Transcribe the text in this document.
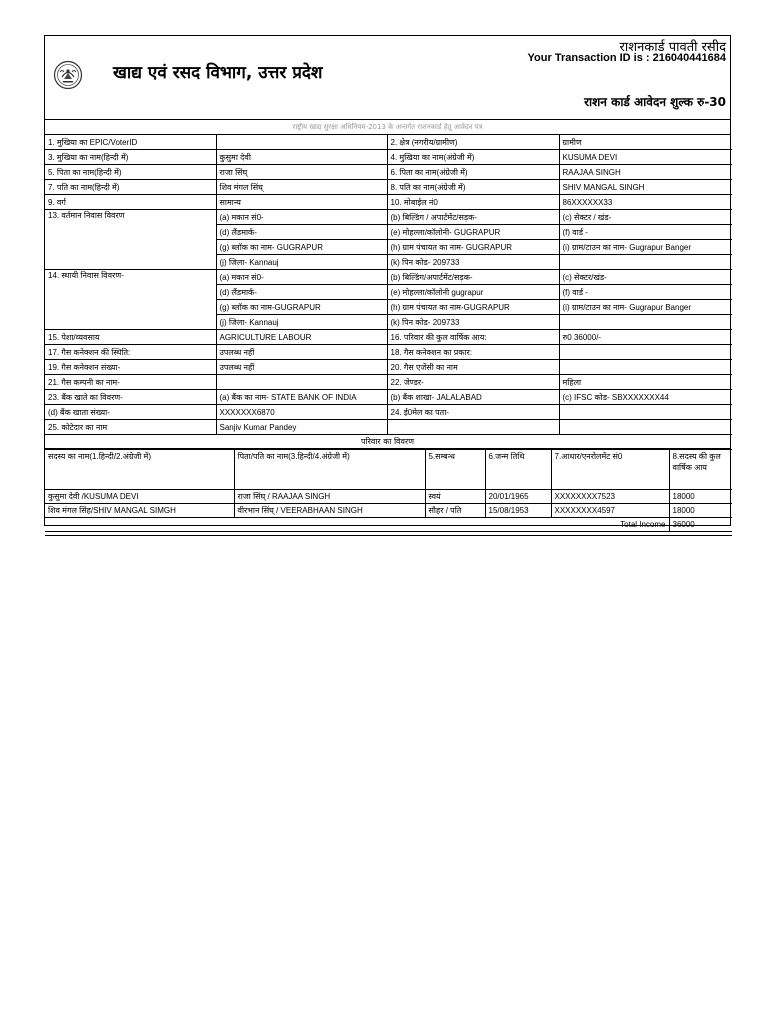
खाद्य एवं रसद विभाग, उत्तर प्रदेश
राशनकार्ड पावती रसीद
Your Transaction ID is : 216040441684
राशन कार्ड आवेदन शुल्क रु-30
राष्ट्रीय खाद्य सुरक्षा अधिनियम-2013 के अन्तर्गत राशनकार्ड हेतु आवेदन पत्र
1. मुखिया का EPIC/VoterID		2. क्षेत्र (नगरीय/ग्रामीण)	ग्रामीण
3. मुखिया का नाम(हिन्दी में)	कुसुमा देवी	4. मुखिया का नाम(अंग्रेजी में)	KUSUMA DEVI
5. पिता का नाम(हिन्दी में)	राजा सिंघ्	6. पिता का नाम(अंग्रेजी में)	RAAJAA SINGH
7. पति का नाम(हिन्दी में)	शिव मंगल सिंघ्	8. पति का नाम(अंग्रेजी में)	SHIV MANGAL SINGH
9. वर्ग	सामान्य	10. मोबाईल नं0	86XXXXXX33
13. वर्तमान निवास विवरण	(a) मकान सं0-	(b) बिल्डिंग / अपार्टमेंट/सड़क-	(c) सेक्टर / खंड-
	(d) लैंडमार्क-	(e) मोहल्ला/कॉलोनी- GUGRAPUR	(f) वार्ड -
	(g) ब्लॉक का नाम- GUGRAPUR	(h) ग्राम पंचायत का नाम- GUGRAPUR	(i) ग्राम/टाउन का नाम- Gugrapur Banger
	(j) जिला- Kannauj	(k) पिन कोड- 209733	
14. स्थायी निवास विवरण-	(a) मकान सं0-	(b) बिल्डिंग/अपार्टमेंट/सड़क-	(c) सेक्टर/खंड-
	(d) लैंडमार्क-	(e) मोहल्ला/कॉलोनी gugrapur	(f) वार्ड -
	(g) ब्लॉक का नाम-GUGRAPUR	(h) ग्राम पंचायत का नाम-GUGRAPUR	(i) ग्राम/टाउन का नाम- Gugrapur Banger
	(j) जिला- Kannauj	(k) पिन कोड- 209733	
15. पेशा/व्यवसाय	AGRICULTURE LABOUR	16. परिवार की कुल वार्षिक आय:	रु0 36000/-
17. गैस कनेक्शन की स्थिति:	उपलब्ध नहीं	18. गैस कनेक्शन का प्रकार:	
19. गैस कनेक्शन संख्या-	उपलब्ध नहीं	20. गैस एजेंसी का नाम	
21. गैस कम्पनी का नाम-		22. जेण्डर-	महिला
23. बैंक खाते का विवरण-	(a) बैंक का नाम- STATE BANK OF INDIA	(b) बैंक शाखा- JALALABAD	(c) IFSC कोड- SBXXXXXXX44
(d) बैंक खाता संख्या-	XXXXXXX6870	24. ई0मेल का पता-	
25. कोटेदार का नाम	Sanjiv Kumar Pandey		
परिवार का विवरण
सदस्य का नाम(1.हिन्दी/2.अंग्रेजी में)	पिता/पति का नाम(3.हिन्दी/4.अंग्रेजी में)	5.सम्बन्ध	6.जन्म तिथि	7.आधार/एनरोलमेंट सं0	8.सदस्य की कुल वार्षिक आय
कुसुमा देवी /KUSUMA DEVI	राजा सिंघ् / RAAJAA SINGH	स्वयं	20/01/1965	XXXXXXXX7523	18000
शिव मंगल सिंह/SHIV MANGAL SIMGH	वीरभान सिंघ् / VEERABHAAN SINGH	सौहर / पति	15/08/1953	XXXXXXXX4597	18000
Total Income					36000
